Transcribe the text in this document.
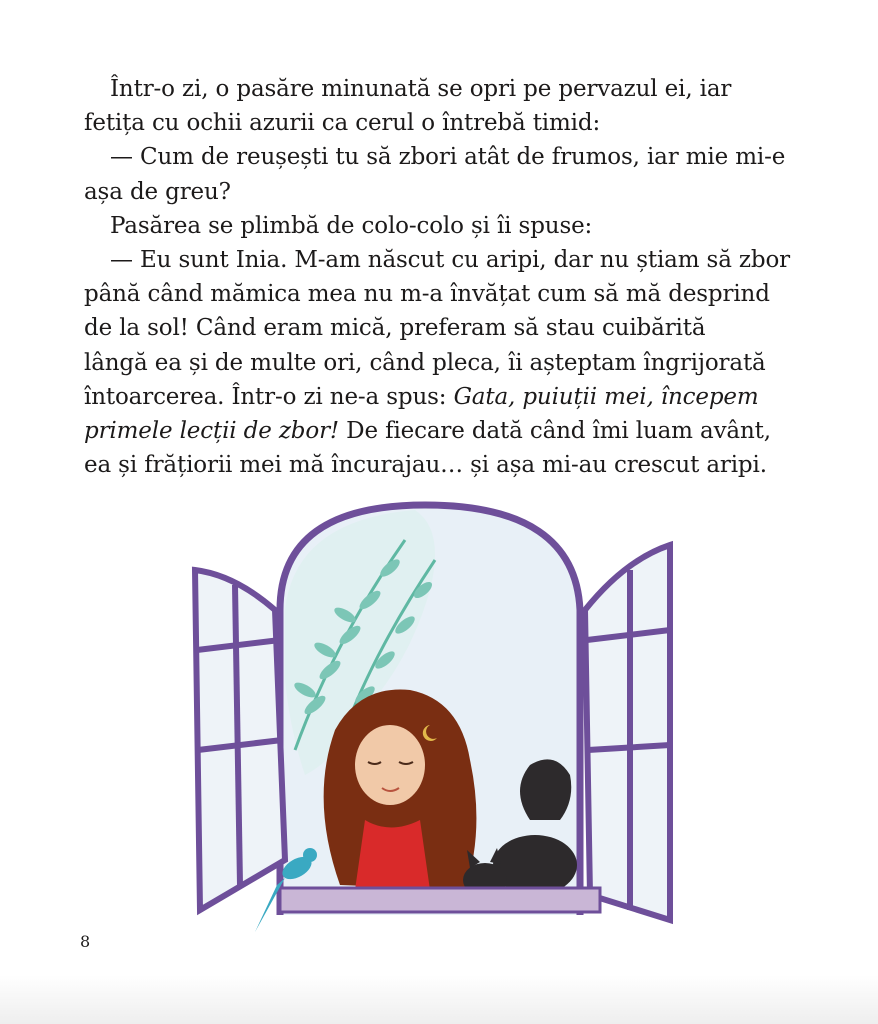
Într-o zi, o pasăre minunată se opri pe pervazul ei, iar
fetița cu ochii azurii ca cerul o întrebă timid:
— Cum de reușești tu să zbori atât de frumos, iar mie mi-e
așa de greu?
Pasărea se plimbă de colo-colo și îi spuse:
— Eu sunt Inia. M-am născut cu aripi, dar nu știam să zbor
până când mămica mea nu m-a învățat cum să mă desprind
de la sol! Când eram mică, preferam să stau cuibărită
lângă ea și de multe ori, când pleca, îi așteptam îngrijorată
întoarcerea. Într-o zi ne-a spus: Gata, puiuții mei, începem
primele lecții de zbor! De fiecare dată când îmi luam avânt,
ea și frățiorii mei mă încurajau… și așa mi-au crescut aripi.
8
